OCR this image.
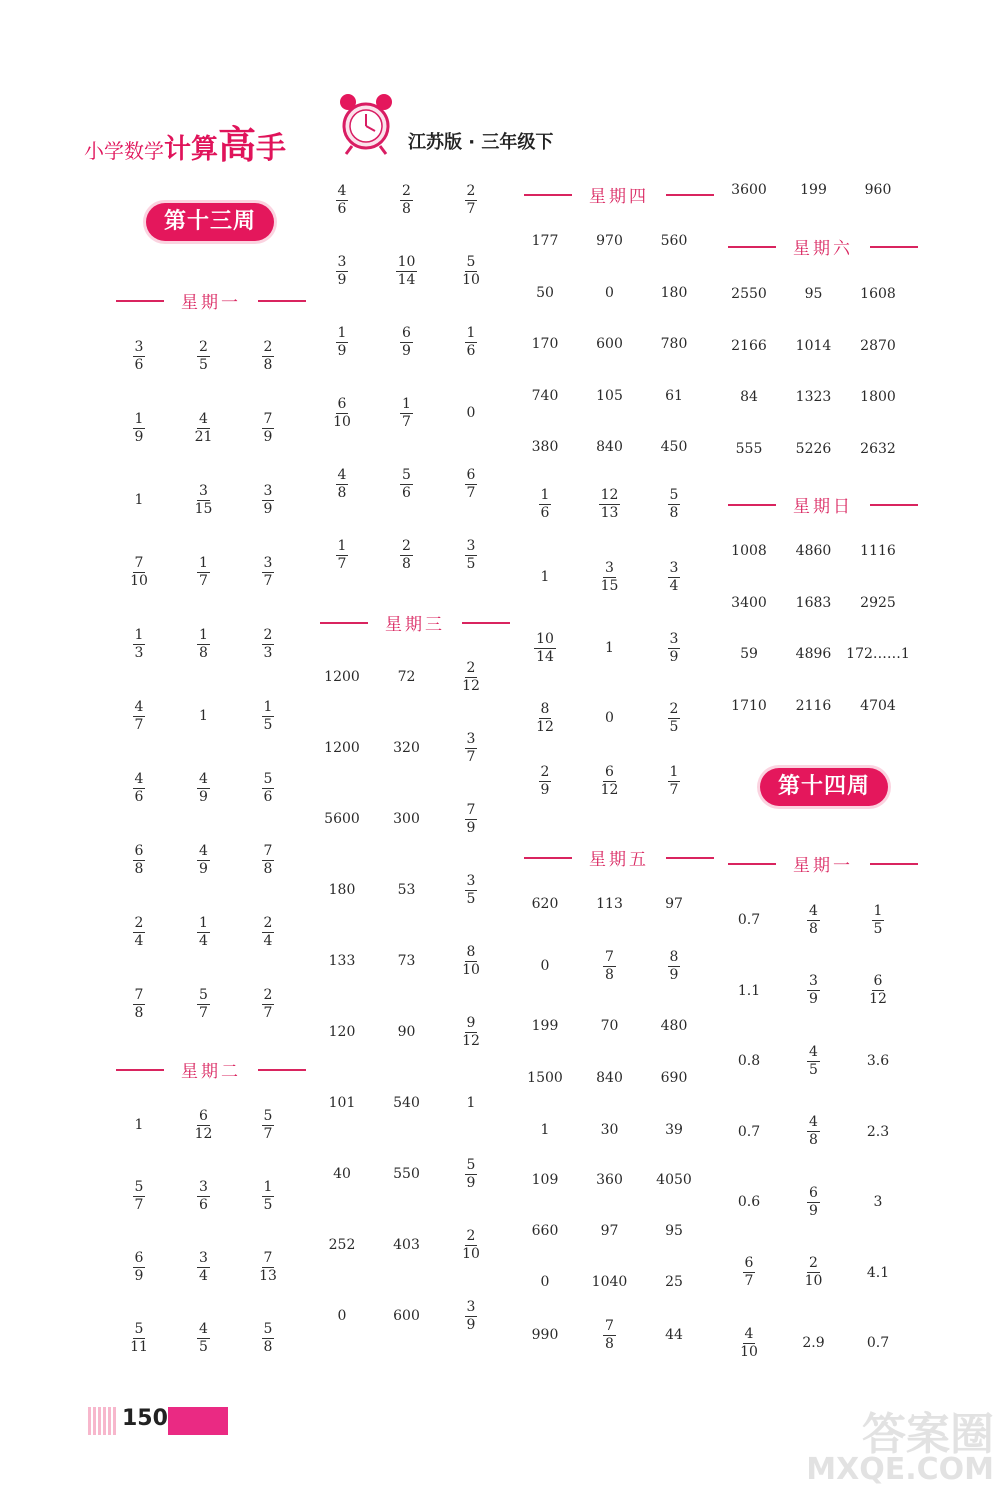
小学数学计算高手	江苏版 · 三年级下
第十三周
星期一
$\frac{3}{6}$	$\frac{2}{5}$	$\frac{2}{8}$
$\frac{1}{9}$	$\frac{4}{21}$	$\frac{7}{9}$
1	$\frac{3}{15}$	$\frac{3}{9}$
$\frac{7}{10}$	$\frac{1}{7}$	$\frac{3}{7}$
$\frac{1}{3}$	$\frac{1}{8}$	$\frac{2}{3}$
$\frac{4}{7}$	1	$\frac{1}{5}$
$\frac{4}{6}$	$\frac{4}{9}$	$\frac{5}{6}$
$\frac{6}{8}$	$\frac{4}{9}$	$\frac{7}{8}$
$\frac{2}{4}$	$\frac{1}{4}$	$\frac{2}{4}$
$\frac{7}{8}$	$\frac{5}{7}$	$\frac{2}{7}$
星期二
1	$\frac{6}{12}$	$\frac{5}{7}$
$\frac{5}{7}$	$\frac{3}{6}$	$\frac{1}{5}$
$\frac{6}{9}$	$\frac{3}{4}$	$\frac{7}{13}$
$\frac{5}{11}$	$\frac{4}{5}$	$\frac{5}{8}$
$\frac{4}{6}$	$\frac{2}{8}$	$\frac{2}{7}$
$\frac{3}{9}$	$\frac{10}{14}$	$\frac{5}{10}$
$\frac{1}{9}$	$\frac{6}{9}$	$\frac{1}{6}$
$\frac{6}{10}$	$\frac{1}{7}$	0
$\frac{4}{8}$	$\frac{5}{6}$	$\frac{6}{7}$
$\frac{1}{7}$	$\frac{2}{8}$	$\frac{3}{5}$
星期三
1200	72	$\frac{2}{12}$
1200	320	$\frac{3}{7}$
5600	300	$\frac{7}{9}$
180	53	$\frac{3}{5}$
133	73	$\frac{8}{10}$
120	90	$\frac{9}{12}$
101	540	1
40	550	$\frac{5}{9}$
252	403	$\frac{2}{10}$
0	600	$\frac{3}{9}$
星期四
177	970	560
50	0	180
170	600	780
740	105	61
380	840	450
$\frac{1}{6}$	$\frac{12}{13}$	$\frac{5}{8}$
1	$\frac{3}{15}$	$\frac{3}{4}$
$\frac{10}{14}$	1	$\frac{3}{9}$
$\frac{8}{12}$	0	$\frac{2}{5}$
$\frac{2}{9}$	$\frac{6}{12}$	$\frac{1}{7}$
星期五
620	113	97
0	$\frac{7}{8}$	$\frac{8}{9}$
199	70	480
1500	840	690
1	30	39
109	360	4050
660	97	95
0	1040	25
990	$\frac{7}{8}$	44
3600	199	960
星期六
2550	95	1608
2166	1014	2870
84	1323	1800
555	5226	2632
星期日
1008	4860	1116
3400	1683	2925
59	4896	172……1
1710	2116	4704
第十四周
星期一
0.7	$\frac{4}{8}$	$\frac{1}{5}$
1.1	$\frac{3}{9}$	$\frac{6}{12}$
0.8	$\frac{4}{5}$	3.6
0.7	$\frac{4}{8}$	2.3
0.6	$\frac{6}{9}$	3
$\frac{6}{7}$	$\frac{2}{10}$	4.1
$\frac{4}{10}$	2.9	0.7
150	答案圈
MXQE.COM
